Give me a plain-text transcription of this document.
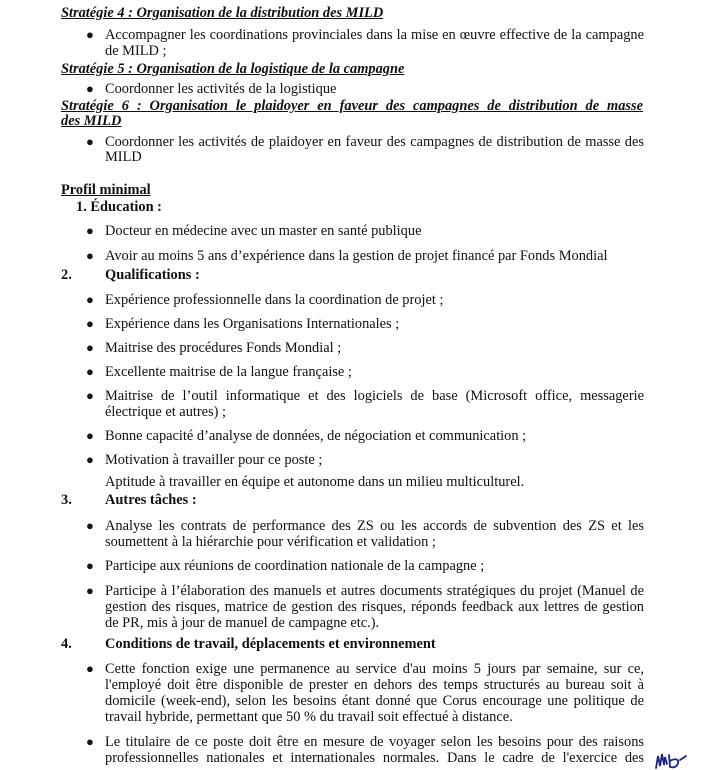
Stratégie 4 : Organisation de la distribution des MILD
● Accompagner les coordinations provinciales dans la mise en œuvre effective de la campagne
de MILD ;
Stratégie 5 : Organisation de la logistique de la campagne
● Coordonner les activités de la logistique
Stratégie 6 : Organisation le plaidoyer en faveur des campagnes de distribution de masse
des MILD
● Coordonner les activités de plaidoyer en faveur des campagnes de distribution de masse des
MILD
Profil minimal
1. Éducation :
● Docteur en médecine avec un master en santé publique
● Avoir au moins 5 ans d’expérience dans la gestion de projet financé par Fonds Mondial
2. Qualifications :
● Expérience professionnelle dans la coordination de projet ;
● Expérience dans les Organisations Internationales ;
● Maitrise des procédures Fonds Mondial ;
● Excellente maitrise de la langue française ;
● Maitrise de l’outil informatique et des logiciels de base (Microsoft office, messagerie
électrique et autres) ;
● Bonne capacité d’analyse de données, de négociation et communication ;
● Motivation à travailler pour ce poste ;
Aptitude à travailler en équipe et autonome dans un milieu multiculturel.
3. Autres tâches :
● Analyse les contrats de performance des ZS ou les accords de subvention des ZS et les
soumettent à la hiérarchie pour vérification et validation ;
● Participe aux réunions de coordination nationale de la campagne ;
● Participe à l’élaboration des manuels et autres documents stratégiques du projet (Manuel de
gestion des risques, matrice de gestion des risques, réponds feedback aux lettres de gestion
de PR, mis à jour de manuel de campagne etc.).
4. Conditions de travail, déplacements et environnement
● Cette fonction exige une permanence au service d'au moins 5 jours par semaine, sur ce,
l'employé doit être disponible de prester en dehors des temps structurés au bureau soit à
domicile (week-end), selon les besoins étant donné que Corus encourage une politique de
travail hybride, permettant que 50 % du travail soit effectué à distance.
● Le titulaire de ce poste doit être en mesure de voyager selon les besoins pour des raisons
professionnelles nationales et internationales normales. Dans le cadre de l'exercice des
